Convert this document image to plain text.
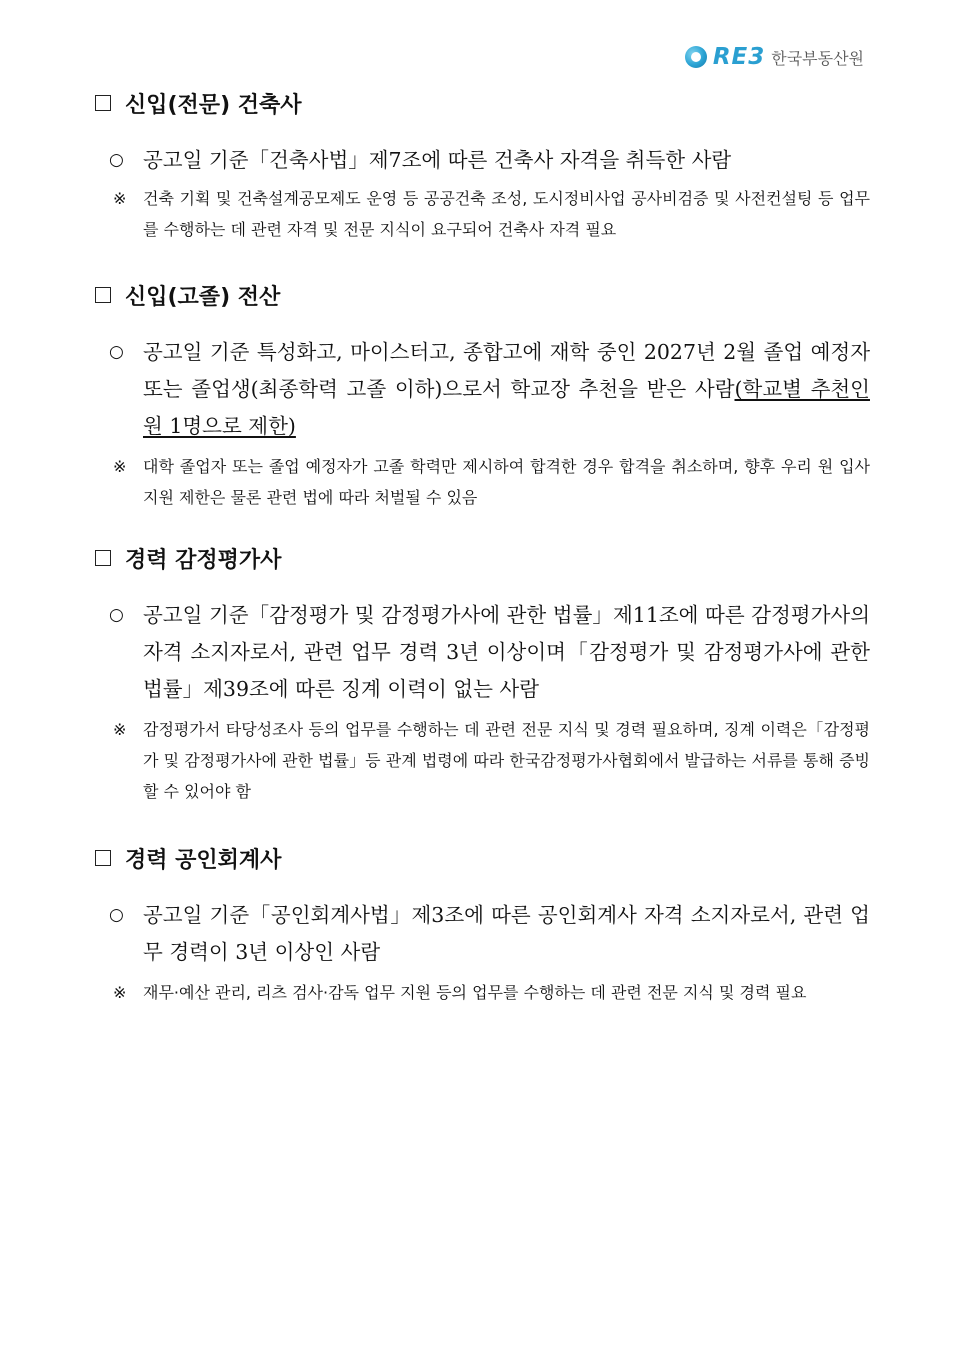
RE3 한국부동산원
신입(전문) 건축사
○ 공고일 기준「건축사법」제7조에 따른 건축사 자격을 취득한 사람
※ 건축 기획 및 건축설계공모제도 운영 등 공공건축 조성, 도시정비사업 공사비검증 및 사전컨설팅 등 업무를 수행하는 데 관련 자격 및 전문 지식이 요구되어 건축사 자격 필요
신입(고졸) 전산
○ 공고일 기준 특성화고, 마이스터고, 종합고에 재학 중인 2027년 2월 졸업 예정자 또는 졸업생(최종학력 고졸 이하)으로서 학교장 추천을 받은 사람(학교별 추천인원 1명으로 제한)
※ 대학 졸업자 또는 졸업 예정자가 고졸 학력만 제시하여 합격한 경우 합격을 취소하며, 향후 우리 원 입사 지원 제한은 물론 관련 법에 따라 처벌될 수 있음
경력 감정평가사
○ 공고일 기준「감정평가 및 감정평가사에 관한 법률」제11조에 따른 감정평가사의 자격 소지자로서, 관련 업무 경력 3년 이상이며「감정평가 및 감정평가사에 관한 법률」제39조에 따른 징계 이력이 없는 사람
※ 감정평가서 타당성조사 등의 업무를 수행하는 데 관련 전문 지식 및 경력 필요하며, 징계 이력은「감정평가 및 감정평가사에 관한 법률」등 관계 법령에 따라 한국감정평가사협회에서 발급하는 서류를 통해 증빙할 수 있어야 함
경력 공인회계사
○ 공고일 기준「공인회계사법」제3조에 따른 공인회계사 자격 소지자로서, 관련 업무 경력이 3년 이상인 사람
※ 재무·예산 관리, 리츠 검사·감독 업무 지원 등의 업무를 수행하는 데 관련 전문 지식 및 경력 필요
